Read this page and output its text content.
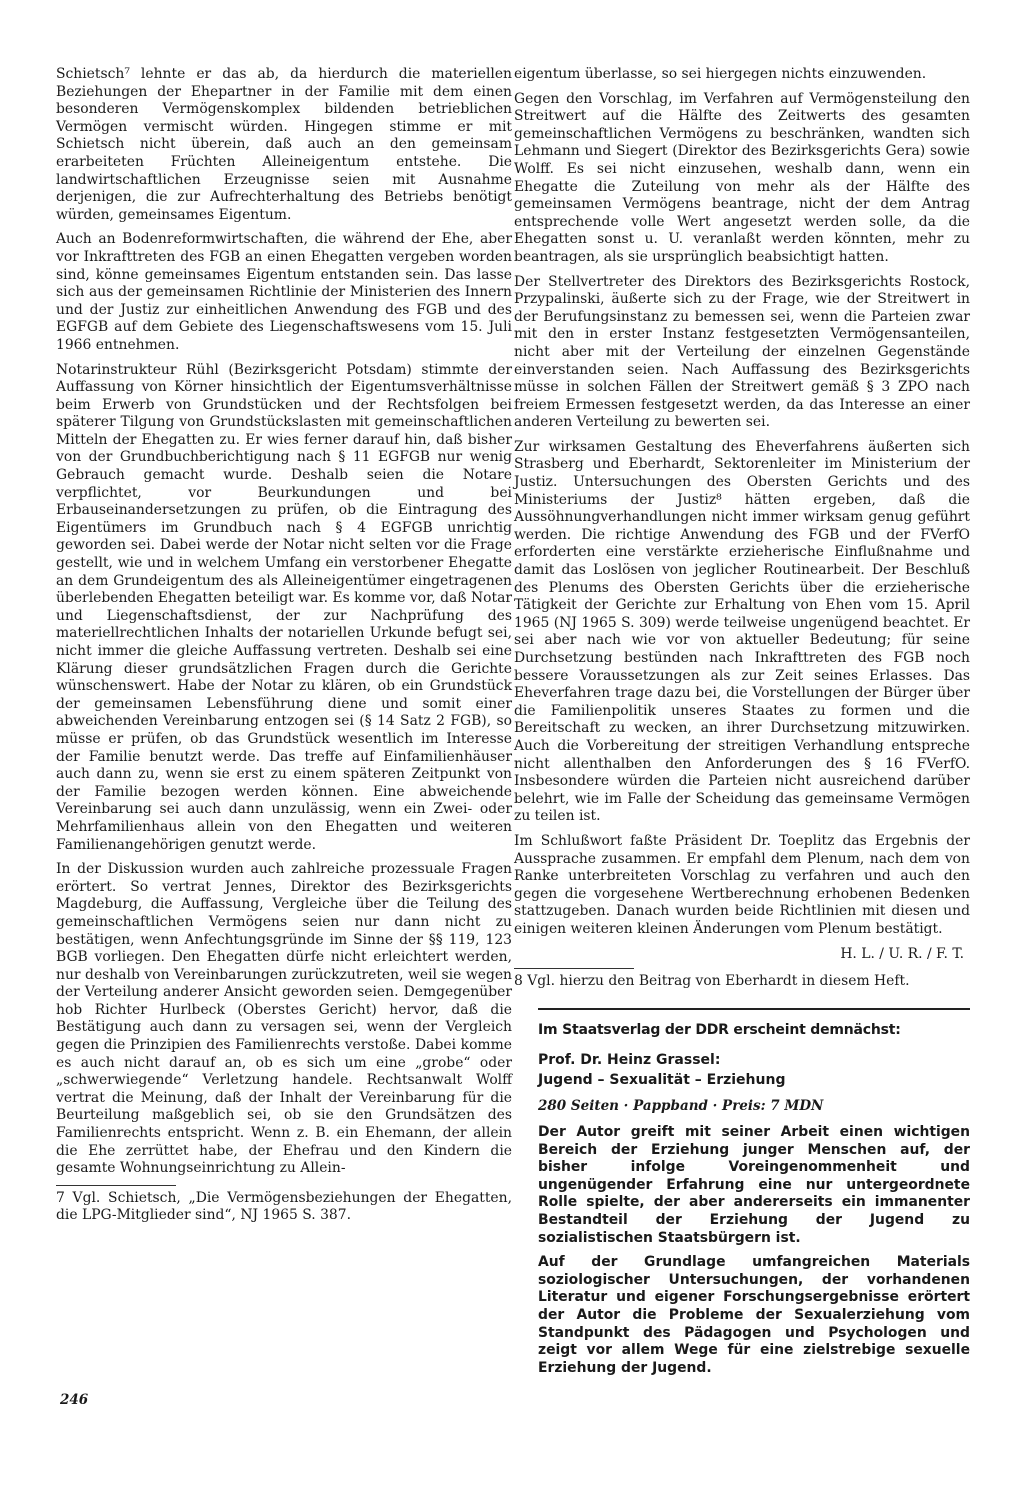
Schietsch⁷ lehnte er das ab, da hierdurch die materiellen Beziehungen der Ehepartner in der Familie mit dem einen besonderen Vermögenskomplex bildenden betrieblichen Vermögen vermischt würden. Hingegen stimme er mit Schietsch nicht überein, daß auch an den gemeinsam erarbeiteten Früchten Alleineigentum entstehe. Die landwirtschaftlichen Erzeugnisse seien mit Ausnahme derjenigen, die zur Aufrechterhaltung des Betriebs benötigt würden, gemeinsames Eigentum.

Auch an Bodenreformwirtschaften, die während der Ehe, aber vor Inkrafttreten des FGB an einen Ehegatten vergeben worden sind, könne gemeinsames Eigentum entstanden sein. Das lasse sich aus der gemeinsamen Richtlinie der Ministerien des Innern und der Justiz zur einheitlichen Anwendung des FGB und des EGFGB auf dem Gebiete des Liegenschaftswesens vom 15. Juli 1966 entnehmen.

Notarinstrukteur Rühl (Bezirksgericht Potsdam) stimmte der Auffassung von Körner hinsichtlich der Eigentumsverhältnisse beim Erwerb von Grundstücken und der Rechtsfolgen bei späterer Tilgung von Grundstückslasten mit gemeinschaftlichen Mitteln der Ehegatten zu. Er wies ferner darauf hin, daß bisher von der Grundbuchberichtigung nach § 11 EGFGB nur wenig Gebrauch gemacht wurde. Deshalb seien die Notare verpflichtet, vor Beurkundungen und bei Erbauseinandersetzungen zu prüfen, ob die Eintragung des Eigentümers im Grundbuch nach § 4 EGFGB unrichtig geworden sei. Dabei werde der Notar nicht selten vor die Frage gestellt, wie und in welchem Umfang ein verstorbener Ehegatte an dem Grundeigentum des als Alleineigentümer eingetragenen überlebenden Ehegatten beteiligt war. Es komme vor, daß Notar und Liegenschaftsdienst, der zur Nachprüfung des materiellrechtlichen Inhalts der notariellen Urkunde befugt sei, nicht immer die gleiche Auffassung vertreten. Deshalb sei eine Klärung dieser grundsätzlichen Fragen durch die Gerichte wünschenswert. Habe der Notar zu klären, ob ein Grundstück der gemeinsamen Lebensführung diene und somit einer abweichenden Vereinbarung entzogen sei (§ 14 Satz 2 FGB), so müsse er prüfen, ob das Grundstück wesentlich im Interesse der Familie benutzt werde. Das treffe auf Einfamilienhäuser auch dann zu, wenn sie erst zu einem späteren Zeitpunkt von der Familie bezogen werden können. Eine abweichende Vereinbarung sei auch dann unzulässig, wenn ein Zwei- oder Mehrfamilienhaus allein von den Ehegatten und weiteren Familienangehörigen genutzt werde.

In der Diskussion wurden auch zahlreiche prozessuale Fragen erörtert. So vertrat Jennes, Direktor des Bezirksgerichts Magdeburg, die Auffassung, Vergleiche über die Teilung des gemeinschaftlichen Vermögens seien nur dann nicht zu bestätigen, wenn Anfechtungsgründe im Sinne der §§ 119, 123 BGB vorliegen. Den Ehegatten dürfe nicht erleichtert werden, nur deshalb von Vereinbarungen zurückzutreten, weil sie wegen der Verteilung anderer Ansicht geworden seien. Demgegenüber hob Richter Hurlbeck (Oberstes Gericht) hervor, daß die Bestätigung auch dann zu versagen sei, wenn der Vergleich gegen die Prinzipien des Familienrechts verstoße. Dabei komme es auch nicht darauf an, ob es sich um eine „grobe“ oder „schwerwiegende“ Verletzung handele. Rechtsanwalt Wolff vertrat die Meinung, daß der Inhalt der Vereinbarung für die Beurteilung maßgeblich sei, ob sie den Grundsätzen des Familienrechts entspricht. Wenn z. B. ein Ehemann, der allein die Ehe zerrüttet habe, der Ehefrau und den Kindern die gesamte Wohnungseinrichtung zu Allein-

7 Vgl. Schietsch, „Die Vermögensbeziehungen der Ehegatten, die LPG-Mitglieder sind“, NJ 1965 S. 387.

eigentum überlasse, so sei hiergegen nichts einzuwenden.

Gegen den Vorschlag, im Verfahren auf Vermögensteilung den Streitwert auf die Hälfte des Zeitwerts des gesamten gemeinschaftlichen Vermögens zu beschränken, wandten sich Lehmann und Siegert (Direktor des Bezirksgerichts Gera) sowie Wolff. Es sei nicht einzusehen, weshalb dann, wenn ein Ehegatte die Zuteilung von mehr als der Hälfte des gemeinsamen Vermögens beantrage, nicht der dem Antrag entsprechende volle Wert angesetzt werden solle, da die Ehegatten sonst u. U. veranlaßt werden könnten, mehr zu beantragen, als sie ursprünglich beabsichtigt hatten.

Der Stellvertreter des Direktors des Bezirksgerichts Rostock, Przypalinski, äußerte sich zu der Frage, wie der Streitwert in der Berufungsinstanz zu bemessen sei, wenn die Parteien zwar mit den in erster Instanz festgesetzten Vermögensanteilen, nicht aber mit der Verteilung der einzelnen Gegenstände einverstanden seien. Nach Auffassung des Bezirksgerichts müsse in solchen Fällen der Streitwert gemäß § 3 ZPO nach freiem Ermessen festgesetzt werden, da das Interesse an einer anderen Verteilung zu bewerten sei.

Zur wirksamen Gestaltung des Eheverfahrens äußerten sich Strasberg und Eberhardt, Sektorenleiter im Ministerium der Justiz. Untersuchungen des Obersten Gerichts und des Ministeriums der Justiz⁸ hätten ergeben, daß die Aussöhnungverhandlungen nicht immer wirksam genug geführt werden. Die richtige Anwendung des FGB und der FVerfO erforderten eine verstärkte erzieherische Einflußnahme und damit das Loslösen von jeglicher Routinearbeit. Der Beschluß des Plenums des Obersten Gerichts über die erzieherische Tätigkeit der Gerichte zur Erhaltung von Ehen vom 15. April 1965 (NJ 1965 S. 309) werde teilweise ungenügend beachtet. Er sei aber nach wie vor von aktueller Bedeutung; für seine Durchsetzung bestünden nach Inkrafttreten des FGB noch bessere Voraussetzungen als zur Zeit seines Erlasses. Das Eheverfahren trage dazu bei, die Vorstellungen der Bürger über die Familienpolitik unseres Staates zu formen und die Bereitschaft zu wecken, an ihrer Durchsetzung mitzuwirken. Auch die Vorbereitung der streitigen Verhandlung entspreche nicht allenthalben den Anforderungen des § 16 FVerfO. Insbesondere würden die Parteien nicht ausreichend darüber belehrt, wie im Falle der Scheidung das gemeinsame Vermögen zu teilen ist.

Im Schlußwort faßte Präsident Dr. Toeplitz das Ergebnis der Aussprache zusammen. Er empfahl dem Plenum, nach dem von Ranke unterbreiteten Vorschlag zu verfahren und auch den gegen die vorgesehene Wertberechnung erhobenen Bedenken stattzugeben. Danach wurden beide Richtlinien mit diesen und einigen weiteren kleinen Änderungen vom Plenum bestätigt.

H. L. / U. R. / F. T.

8 Vgl. hierzu den Beitrag von Eberhardt in diesem Heft.

Im Staatsverlag der DDR erscheint demnächst:
Prof. Dr. Heinz Grassel:
Jugend – Sexualität – Erziehung
280 Seiten · Pappband · Preis: 7 MDN

Der Autor greift mit seiner Arbeit einen wichtigen Bereich der Erziehung junger Menschen auf, der bisher infolge Voreingenommenheit und ungenügender Erfahrung eine nur untergeordnete Rolle spielte, der aber andererseits ein immanenter Bestandteil der Erziehung der Jugend zu sozialistischen Staatsbürgern ist.

Auf der Grundlage umfangreichen Materials soziologischer Untersuchungen, der vorhandenen Literatur und eigener Forschungsergebnisse erörtert der Autor die Probleme der Sexualerziehung vom Standpunkt des Pädagogen und Psychologen und zeigt vor allem Wege für eine zielstrebige sexuelle Erziehung der Jugend.

246
